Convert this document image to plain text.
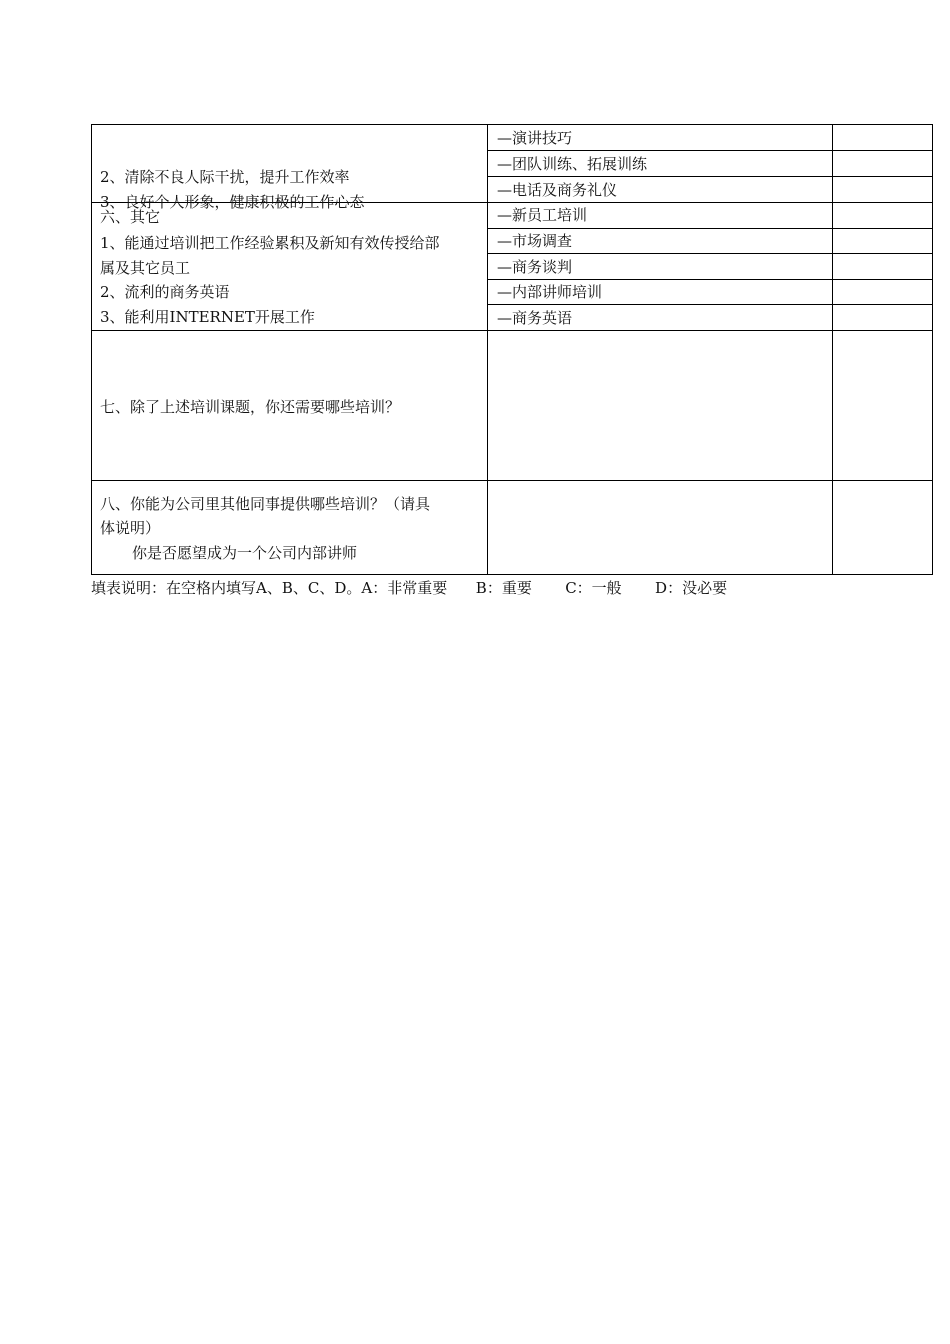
2、清除不良人际干扰，提升工作效率
3、良好个人形象，健康积极的工作心态
六、其它
1、能通过培训把工作经验累积及新知有效传授给部
属及其它员工
2、流利的商务英语
3、能利用INTERNET开展工作
—演讲技巧
—团队训练、拓展训练
—电话及商务礼仪
—新员工培训
—市场调查
—商务谈判
—内部讲师培训
—商务英语
七、除了上述培训课题，你还需要哪些培训？
八、你能为公司里其他同事提供哪些培训？（请具
体说明）
你是否愿望成为一个公司内部讲师
填表说明：在空格内填写A、B、C、D。A：非常重要      B：重要       C：一般       D：没必要
